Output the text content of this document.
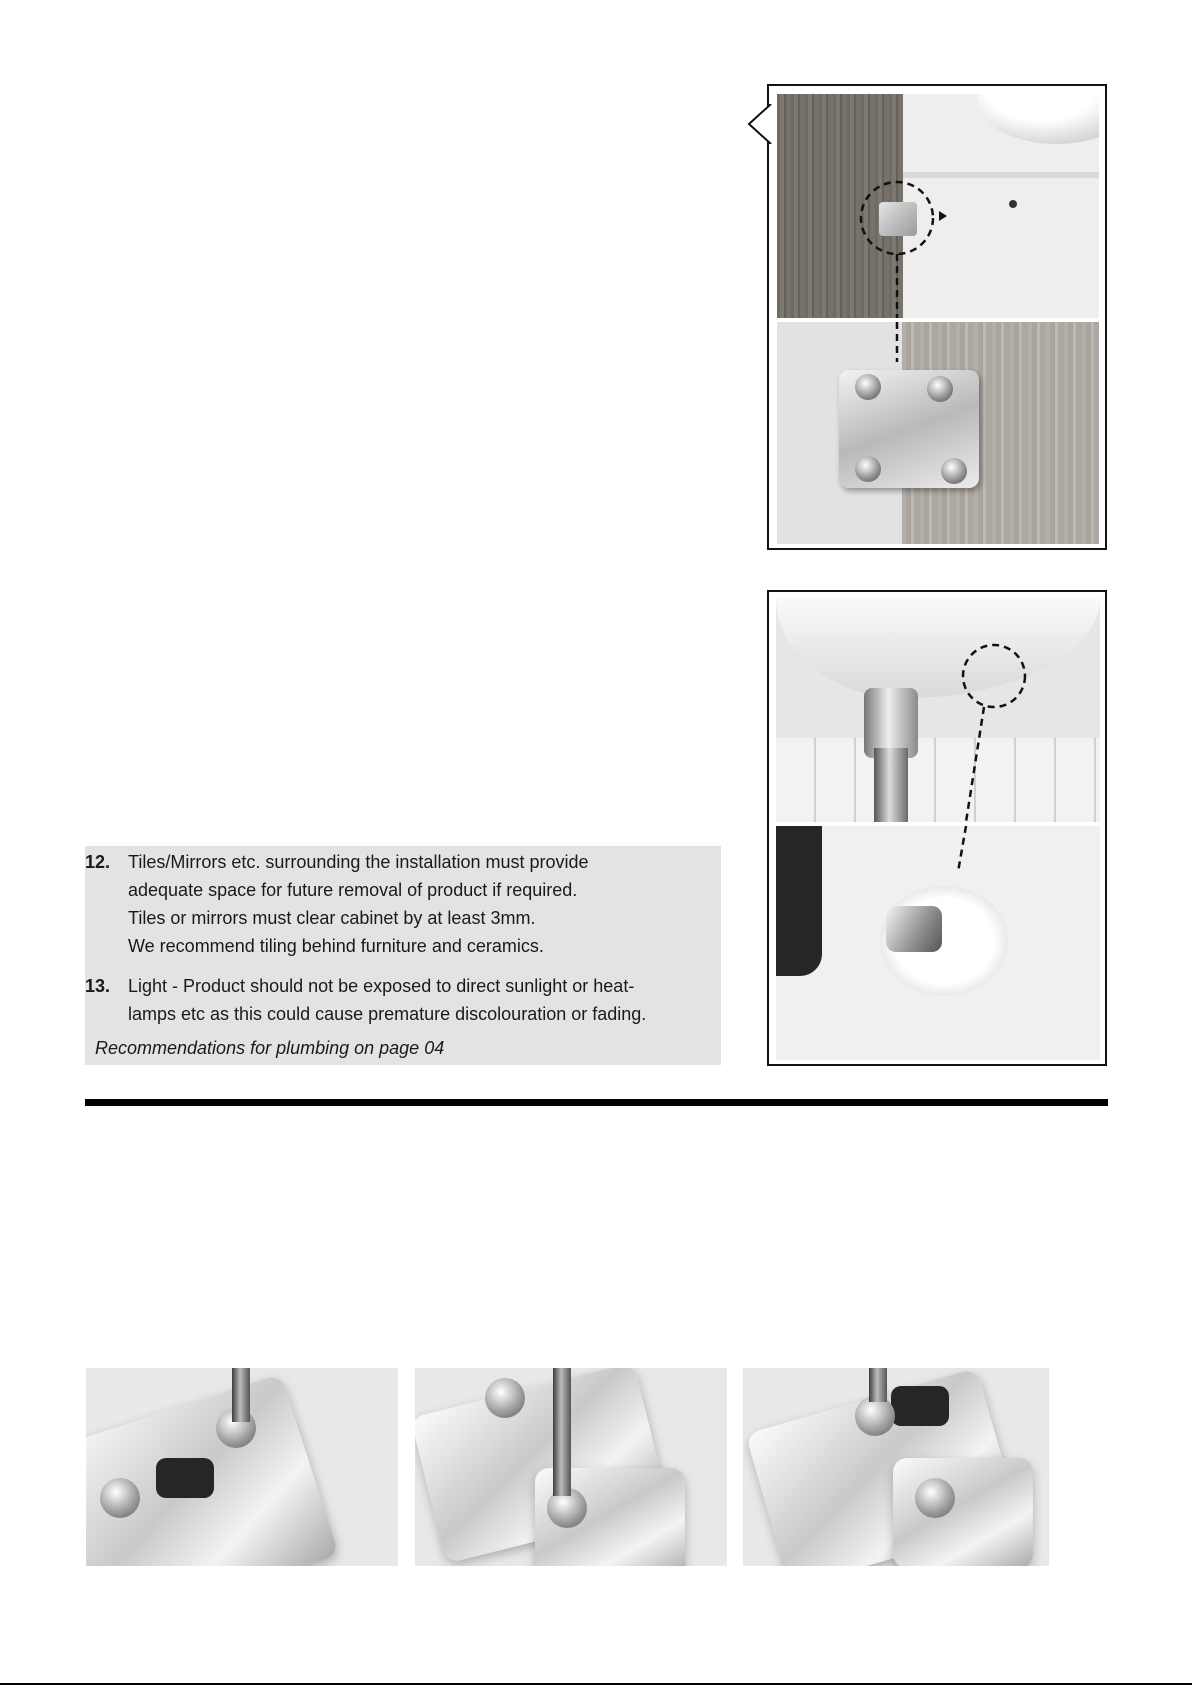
12. Tiles/Mirrors etc. surrounding the installation must provide
adequate space for future removal of product if required.
Tiles or mirrors must clear cabinet by at least 3mm.
We recommend tiling behind furniture and ceramics.
13. Light - Product should not be exposed to direct sunlight or heat-
lamps etc as this could cause premature discolouration or fading.
Recommendations for plumbing on page 04
